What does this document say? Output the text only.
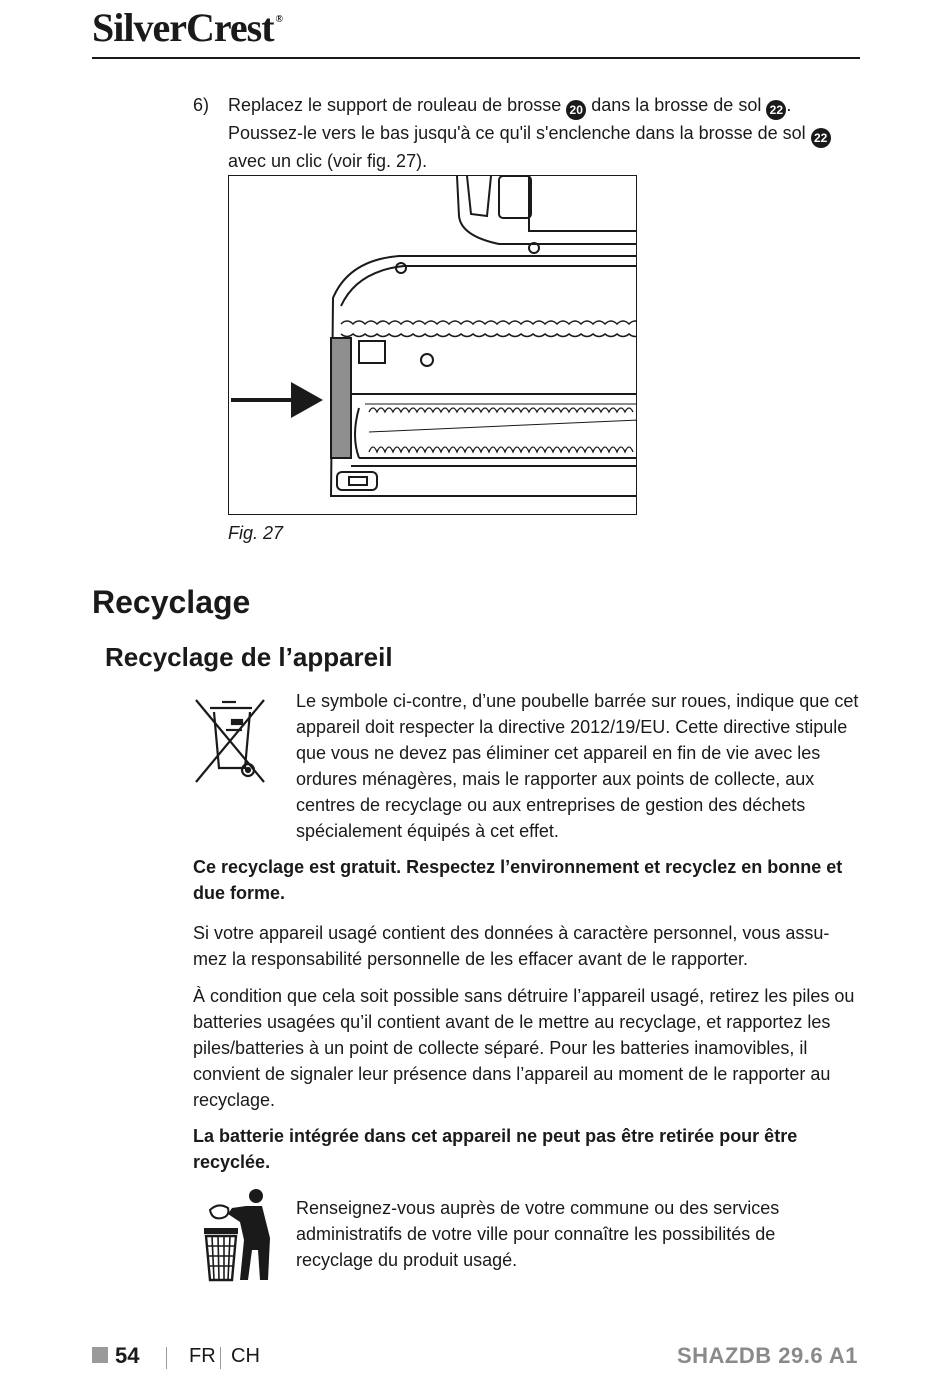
SilverCrest ®
6) Replacez le support de rouleau de brosse 20 dans la brosse de sol 22 .
Poussez-le vers le bas jusqu'à ce qu'il s'enclenche dans la brosse de sol 22
avec un clic (voir fig. 27).
Fig. 27
Recyclage
Recyclage de l’appareil
Le symbole ci-contre, d’une poubelle barrée sur roues, indique que cet appareil doit respecter la directive 2012/19/EU. Cette directive stipule que vous ne devez pas éliminer cet appareil en fin de vie avec les ordures ménagères, mais le rapporter aux points de collecte, aux centres de recyclage ou aux entreprises de gestion des déchets spécialement équipés à cet effet.
Ce recyclage est gratuit. Respectez l’environnement et recyclez en bonne et due forme.
Si votre appareil usagé contient des données à caractère personnel, vous assu-mez la responsabilité personnelle de les effacer avant de le rapporter.
À condition que cela soit possible sans détruire l’appareil usagé, retirez les piles ou batteries usagées qu’il contient avant de le mettre au recyclage, et rapportez les piles/batteries à un point de collecte séparé. Pour les batteries inamovibles, il convient de signaler leur présence dans l’appareil au moment de le rapporter au recyclage.
La batterie intégrée dans cet appareil ne peut pas être retirée pour être recyclée.
Renseignez-vous auprès de votre commune ou des services administratifs de votre ville pour connaître les possibilités de recyclage du produit usagé.
54 FR CH	SHAZDB 29.6 A1
